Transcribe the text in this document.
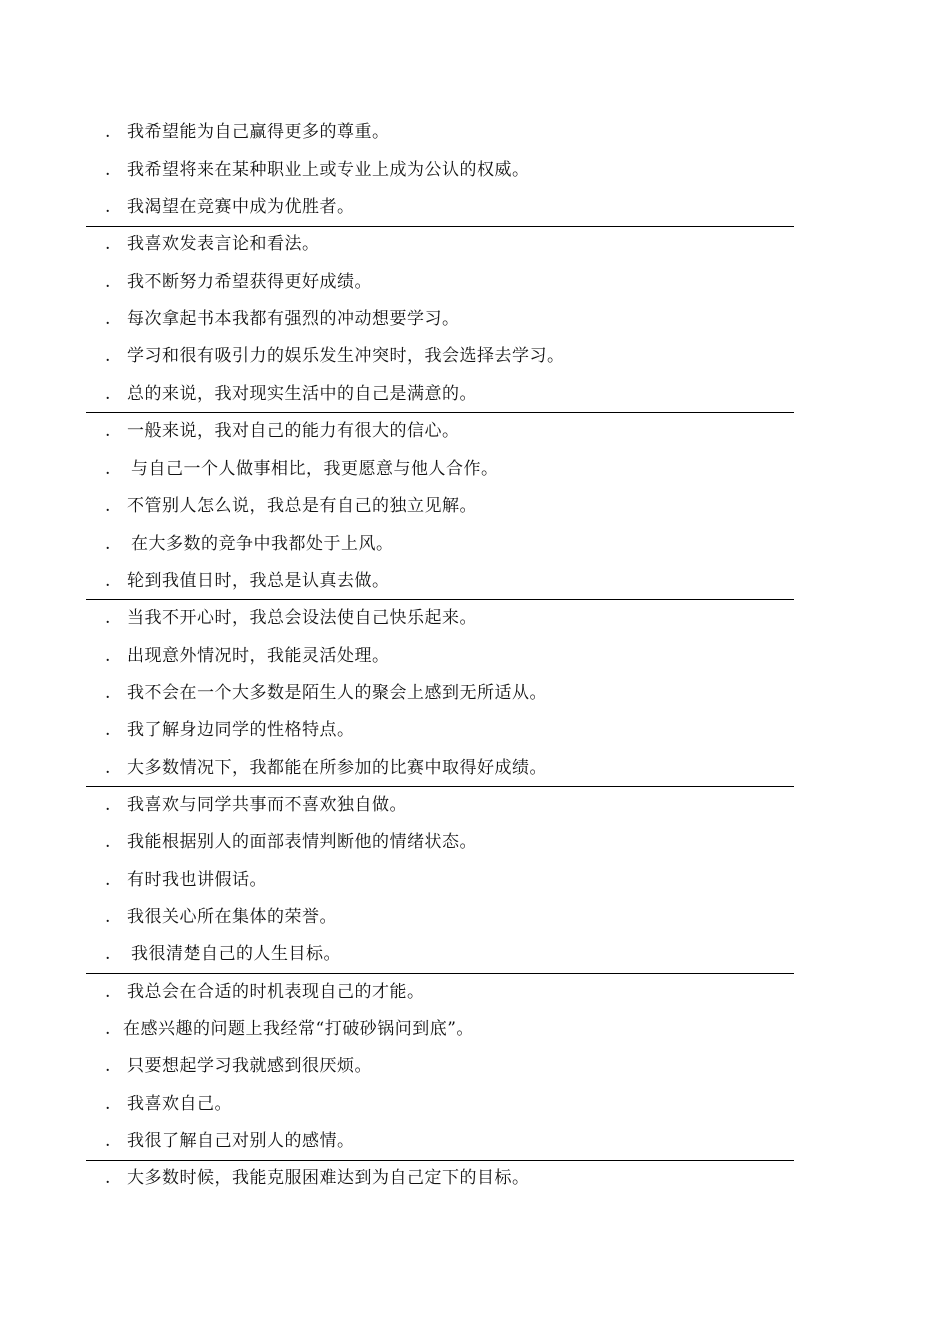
. 我希望能为自己赢得更多的尊重。
. 我希望将来在某种职业上或专业上成为公认的权威。
. 我渴望在竞赛中成为优胜者。
. 我喜欢发表言论和看法。
. 我不断努力希望获得更好成绩。
. 每次拿起书本我都有强烈的冲动想要学习。
. 学习和很有吸引力的娱乐发生冲突时，我会选择去学习。
. 总的来说，我对现实生活中的自己是满意的。
. 一般来说，我对自己的能力有很大的信心。
. 与自己一个人做事相比，我更愿意与他人合作。
. 不管别人怎么说，我总是有自己的独立见解。
. 在大多数的竞争中我都处于上风。
. 轮到我值日时，我总是认真去做。
. 当我不开心时，我总会设法使自己快乐起来。
. 出现意外情况时，我能灵活处理。
. 我不会在一个大多数是陌生人的聚会上感到无所适从。
. 我了解身边同学的性格特点。
. 大多数情况下，我都能在所参加的比赛中取得好成绩。
. 我喜欢与同学共事而不喜欢独自做。
. 我能根据别人的面部表情判断他的情绪状态。
. 有时我也讲假话。
. 我很关心所在集体的荣誉。
. 我很清楚自己的人生目标。
. 我总会在合适的时机表现自己的才能。
. 在感兴趣的问题上我经常“打破砂锅问到底”。
. 只要想起学习我就感到很厌烦。
. 我喜欢自己。
. 我很了解自己对别人的感情。
. 大多数时候，我能克服困难达到为自己定下的目标。
